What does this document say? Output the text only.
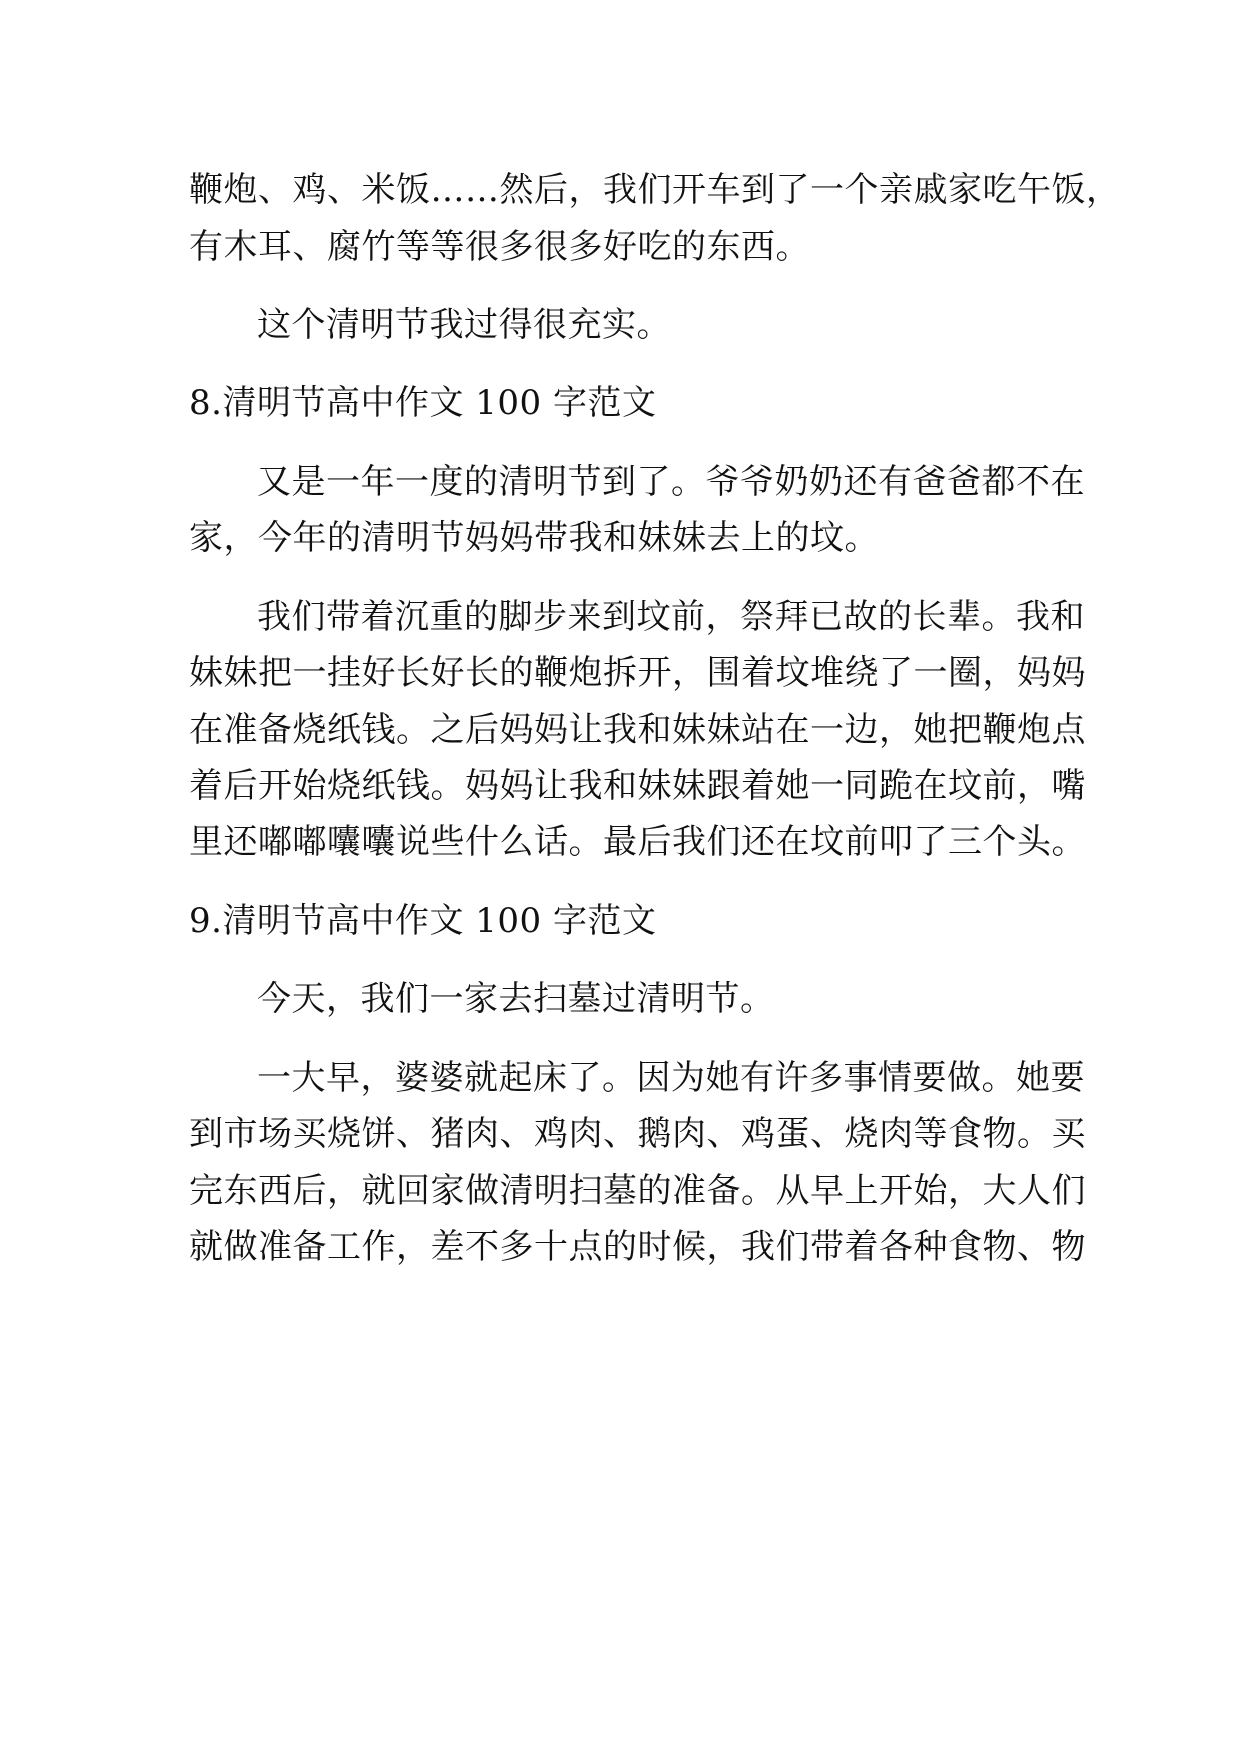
鞭炮、鸡、米饭……然后，我们开车到了一个亲戚家吃午饭，
有木耳、腐竹等等很多很多好吃的东西。
这个清明节我过得很充实。
8.清明节高中作文 100 字范文
又是一年一度的清明节到了。爷爷奶奶还有爸爸都不在
家，今年的清明节妈妈带我和妹妹去上的坟。
我们带着沉重的脚步来到坟前，祭拜已故的长辈。我和
妹妹把一挂好长好长的鞭炮拆开，围着坟堆绕了一圈，妈妈
在准备烧纸钱。之后妈妈让我和妹妹站在一边，她把鞭炮点
着后开始烧纸钱。妈妈让我和妹妹跟着她一同跪在坟前，嘴
里还嘟嘟囔囔说些什么话。最后我们还在坟前叩了三个头。
9.清明节高中作文 100 字范文
今天，我们一家去扫墓过清明节。
一大早，婆婆就起床了。因为她有许多事情要做。她要
到市场买烧饼、猪肉、鸡肉、鹅肉、鸡蛋、烧肉等食物。买
完东西后，就回家做清明扫墓的准备。从早上开始，大人们
就做准备工作，差不多十点的时候，我们带着各种食物、物
